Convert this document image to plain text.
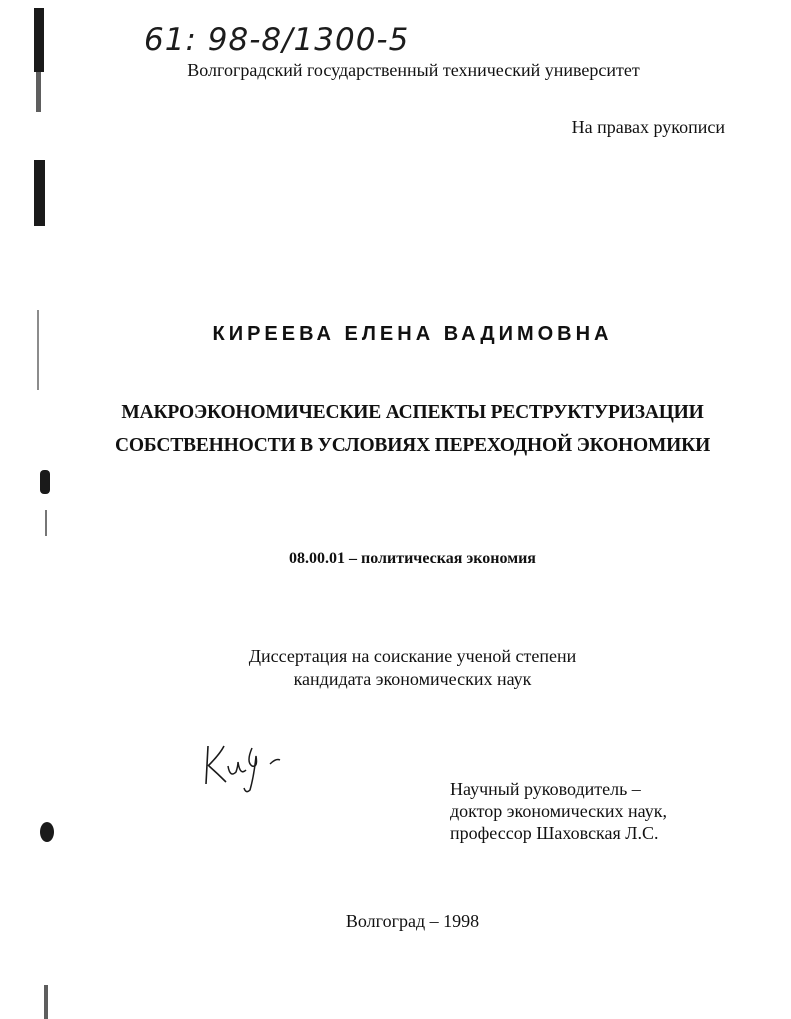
61: 98-8/1300-5
Волгоградский государственный технический университет
На правах рукописи
КИРЕЕВА ЕЛЕНА ВАДИМОВНА
МАКРОЭКОНОМИЧЕСКИЕ АСПЕКТЫ РЕСТРУКТУРИЗАЦИИ
СОБСТВЕННОСТИ В УСЛОВИЯХ ПЕРЕХОДНОЙ ЭКОНОМИКИ
08.00.01 – политическая экономия
Диссертация на соискание ученой степени
кандидата экономических наук
Научный руководитель –
доктор экономических наук,
профессор Шаховская Л.С.
Волгоград – 1998
